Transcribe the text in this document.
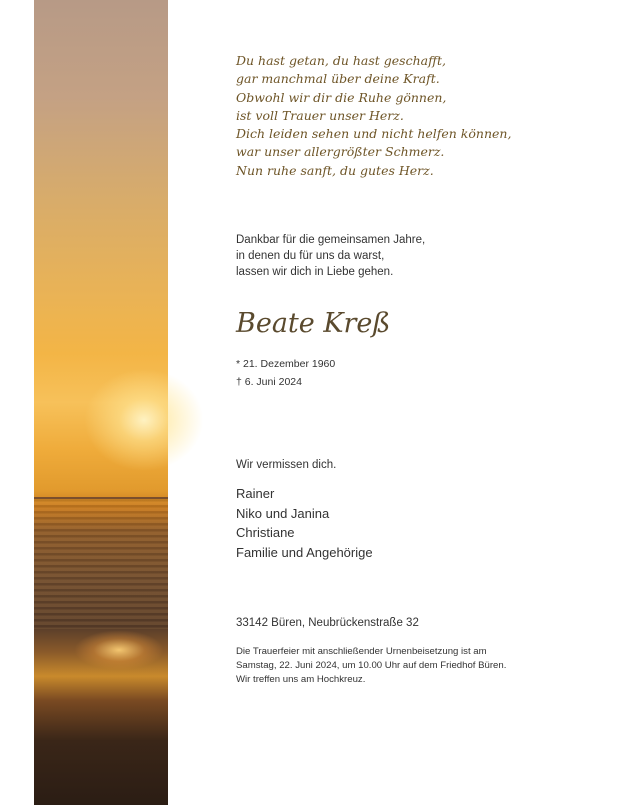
Du hast getan, du hast geschafft,
gar manchmal über deine Kraft.
Obwohl wir dir die Ruhe gönnen,
ist voll Trauer unser Herz.
Dich leiden sehen und nicht helfen können,
war unser allergrößter Schmerz.
Nun ruhe sanft, du gutes Herz.
Dankbar für die gemeinsamen Jahre,
in denen du für uns da warst,
lassen wir dich in Liebe gehen.
Beate Kreß
* 21. Dezember 1960
† 6. Juni 2024
Wir vermissen dich.
Rainer
Niko und Janina
Christiane
Familie und Angehörige
33142 Büren, Neubrückenstraße 32
Die Trauerfeier mit anschließender Urnenbeisetzung ist am
Samstag, 22. Juni 2024, um 10.00 Uhr auf dem Friedhof Büren.
Wir treffen uns am Hochkreuz.
